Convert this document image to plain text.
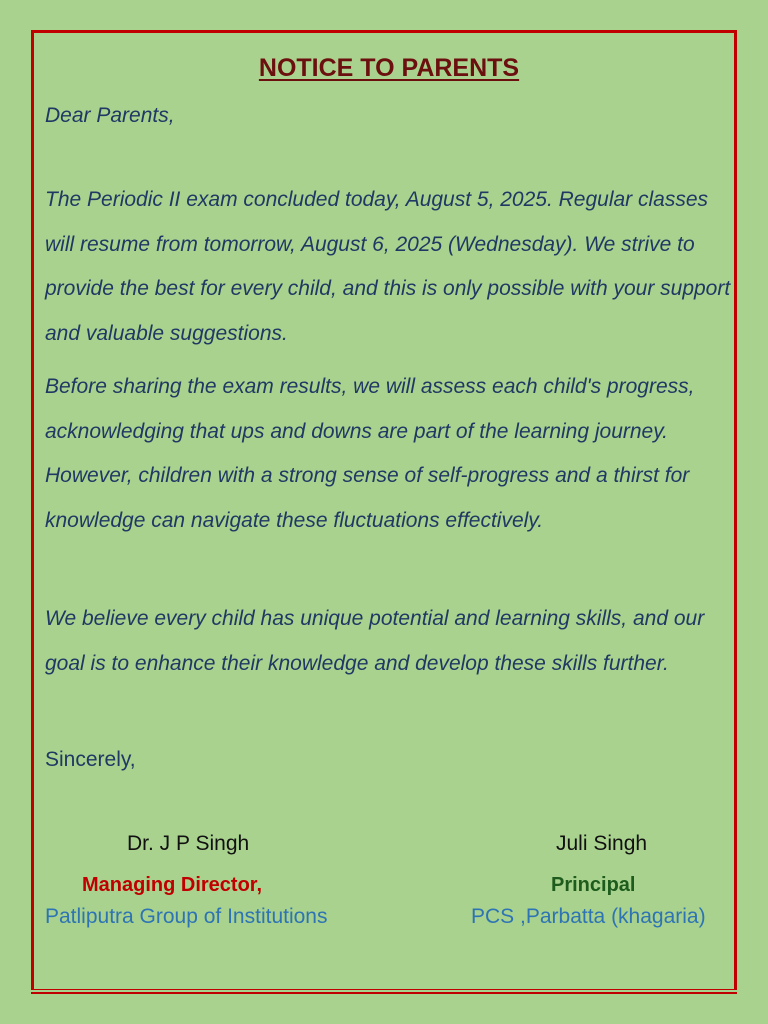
NOTICE TO PARENTS

Dear Parents,

The Periodic II exam concluded today, August 5, 2025. Regular classes will resume from tomorrow, August 6, 2025 (Wednesday). We strive to provide the best for every child, and this is only possible with your support and valuable suggestions.

Before sharing the exam results, we will assess each child's progress, acknowledging that ups and downs are part of the learning journey. However, children with a strong sense of self-progress and a thirst for knowledge can navigate these fluctuations effectively.

We believe every child has unique potential and learning skills, and our goal is to enhance their knowledge and develop these skills further.

Sincerely,
Dr. J P Singh
Managing Director,
Patliputra Group of Institutions
Juli Singh
Principal
PCS ,Parbatta (khagaria)
